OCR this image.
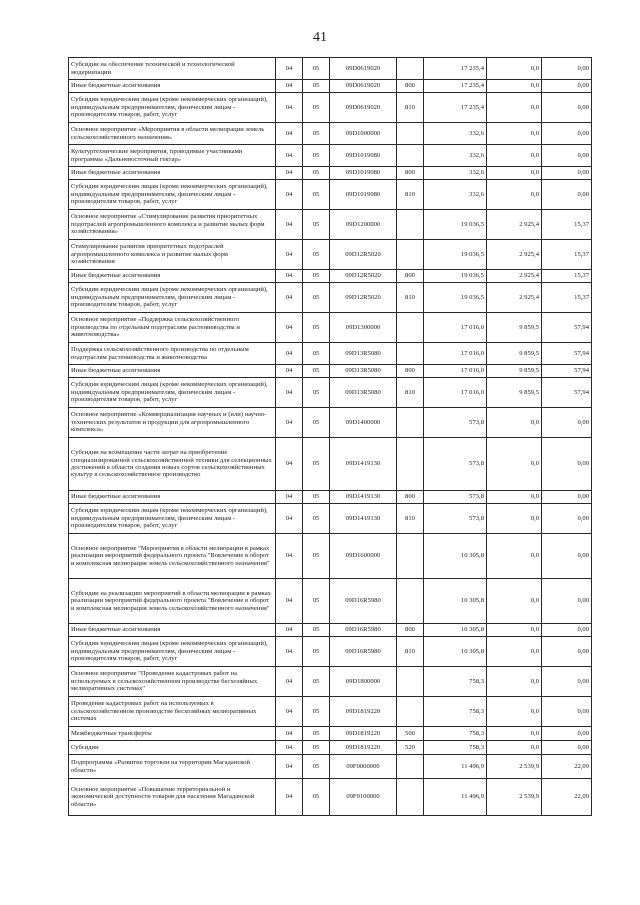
41
Субсидии на обеспечение технической и технологической модернизации	04	05	09D0619020		17 235,4	0,0	0,00
Иные бюджетные ассигнования	04	05	09D0619020	800	17 235,4	0,0	0,00
Субсидии юридическим лицам (кроме некоммерческих организаций), индивидуальным предпринимателям, физическим лицам - производителям товаров, работ, услуг	04	05	09D0619020	810	17 235,4	0,0	0,00
Основное мероприятие «Мероприятия в области мелиорации земель сельскохозяйственного назначения»	04	05	09D1000000		332,6	0,0	0,00
Культуртехнические мероприятия, проводимые участниками программы «Дальневосточный гектар»	04	05	09D1019080		332,6	0,0	0,00
Иные бюджетные ассигнования	04	05	09D1019080	800	332,6	0,0	0,00
Субсидии юридическим лицам (кроме некоммерческих организаций), индивидуальным предпринимателям, физическим лицам - производителям товаров, работ, услуг	04	05	09D1019080	810	332,6	0,0	0,00
Основное мероприятие «Стимулирование развития приоритетных подотраслей агропромышленного комплекса и развитие малых форм хозяйствования»	04	05	09D1200000		19 036,5	2 925,4	15,37
Стимулирование развития приоритетных подотраслей агропромышленного комплекса и развитие малых форм хозяйствования	04	05	09D12R5020		19 036,5	2 925,4	15,37
Иные бюджетные ассигнования	04	05	09D12R5020	800	19 036,5	2 925,4	15,37
Субсидии юридическим лицам (кроме некоммерческих организаций), индивидуальным предпринимателям, физическим лицам - производителям товаров, работ, услуг	04	05	09D12R5020	810	19 036,5	2 925,4	15,37
Основное мероприятие «Поддержка сельскохозяйственного производства по отдельным подотраслям растениеводства и животноводства»	04	05	09D1300000		17 016,0	9 859,5	57,94
Поддержка сельскохозяйственного производства по отдельным подотраслям растениеводства и животноводства	04	05	09D13R5080		17 016,0	9 859,5	57,94
Иные бюджетные ассигнования	04	05	09D13R5080	800	17 016,0	9 859,5	57,94
Субсидии юридическим лицам (кроме некоммерческих организаций), индивидуальным предпринимателям, физическим лицам - производителям товаров, работ, услуг	04	05	09D13R5080	810	17 016,0	9 859,5	57,94
Основное мероприятие «Коммерциализация научных и (или) научно-технических результатов и продукции для агропромышленного комплекса»	04	05	09D1400000		573,8	0,0	0,00
Субсидии на возмещение части затрат на приобретение специализированной сельскохозяйственной техники для селекционных достижений в области создания новых сортов сельскохозяйственных культур в сельскохозяйственное производство	04	05	09D1419130		573,8	0,0	0,00
Иные бюджетные ассигнования	04	05	09D1419130	800	573,8	0,0	0,00
Субсидии юридическим лицам (кроме некоммерческих организаций), индивидуальным предпринимателям, физическим лицам - производителям товаров, работ, услуг	04	05	09D1419130	810	573,8	0,0	0,00
Основное мероприятие "Мероприятия в области мелиорации в рамках реализации мероприятий федерального проекта "Вовлечение в оборот и комплексная мелиорация земель сельскохозяйственного назначения"	04	05	09D1600000		10 305,8	0,0	0,00
Субсидии на реализацию мероприятий в области мелиорации в рамках реализации мероприятий федерального проекта "Вовлечение в оборот и комплексная мелиорация земель сельскохозяйственного назначения"	04	05	09D16R5980		10 305,8	0,0	0,00
Иные бюджетные ассигнования	04	05	09D16R5980	800	10 305,8	0,0	0,00
Субсидии юридическим лицам (кроме некоммерческих организаций), индивидуальным предпринимателям, физическим лицам - производителям товаров, работ, услуг	04	05	09D16R5980	810	10 305,8	0,0	0,00
Основное мероприятие "Проведение кадастровых работ на используемых в сельскохозяйственном производстве бесхозяйных мелиоративных системах"	04	05	09D1800000		758,3	0,0	0,00
Проведение кадастровых работ на используемых в сельскохозяйственном производстве бесхозяйных мелиоративных системах	04	05	09D1819220		758,3	0,0	0,00
Межбюджетные трансферты	04	05	09D1819220	500	758,3	0,0	0,00
Субсидии	04	05	09D1819220	520	758,3	0,0	0,00
Подпрограмма «Развитие торговли на территории Магаданской области»	04	05	09F0000000		11 496,9	2 539,9	22,09
Основное мероприятие «Повышение территориальной и экономической доступности товаров для населения Магаданской области»	04	05	09F0100000		11 496,9	2 539,9	22,09
